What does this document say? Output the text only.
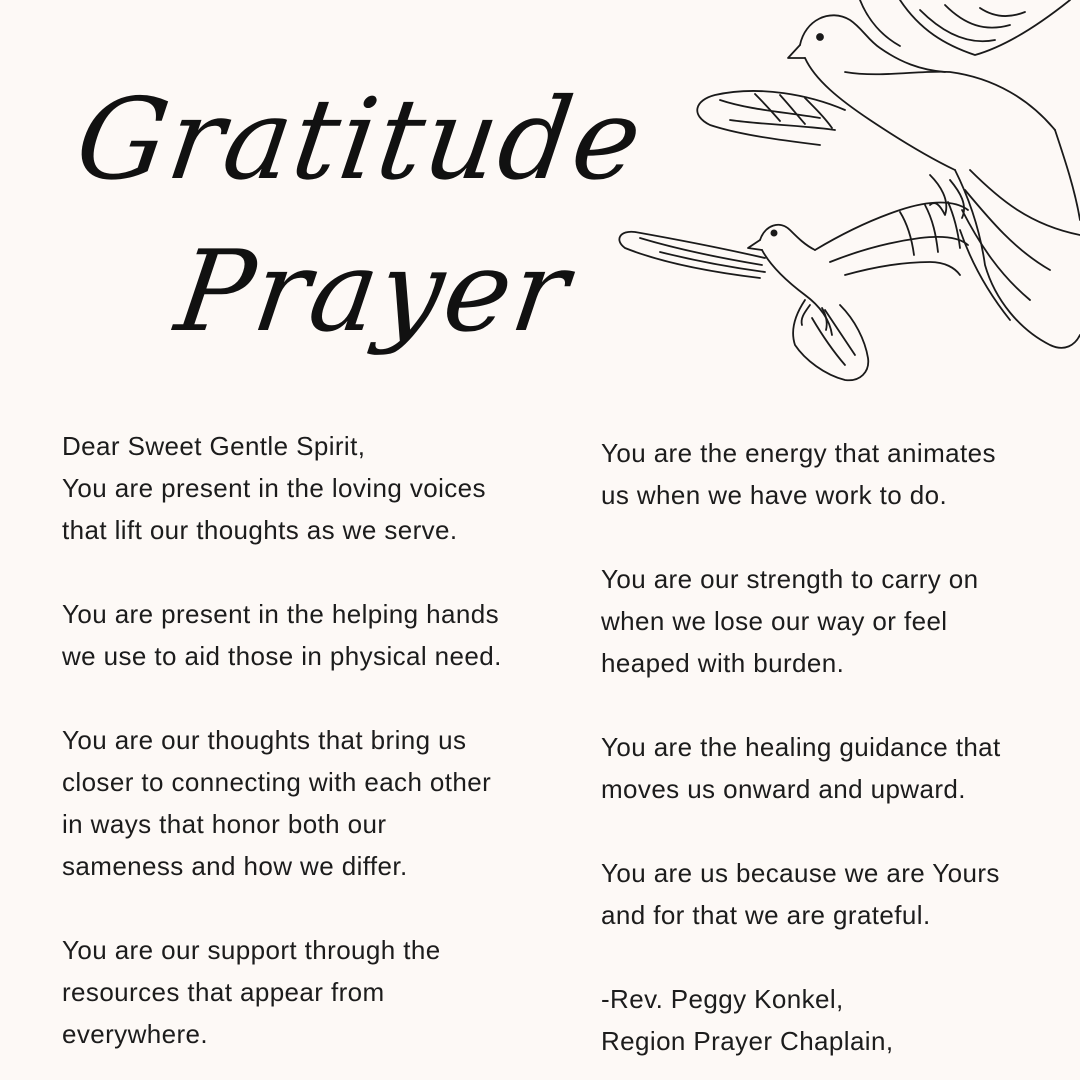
Gratitude
Prayer
Dear Sweet Gentle Spirit,
You are present in the loving voices
that lift our thoughts as we serve.
You are present in the helping hands
we use to aid those in physical need.
You are our thoughts that bring us
closer to connecting with each other
in ways that honor both our
sameness and how we differ.
You are our support through the
resources that appear from
everywhere.
You are the energy that animates
us when we have work to do.
You are our strength to carry on
when we lose our way or feel
heaped with burden.
You are the healing guidance that
moves us onward and upward.
You are us because we are Yours
and for that we are grateful.
-Rev. Peggy Konkel,
Region Prayer Chaplain,
